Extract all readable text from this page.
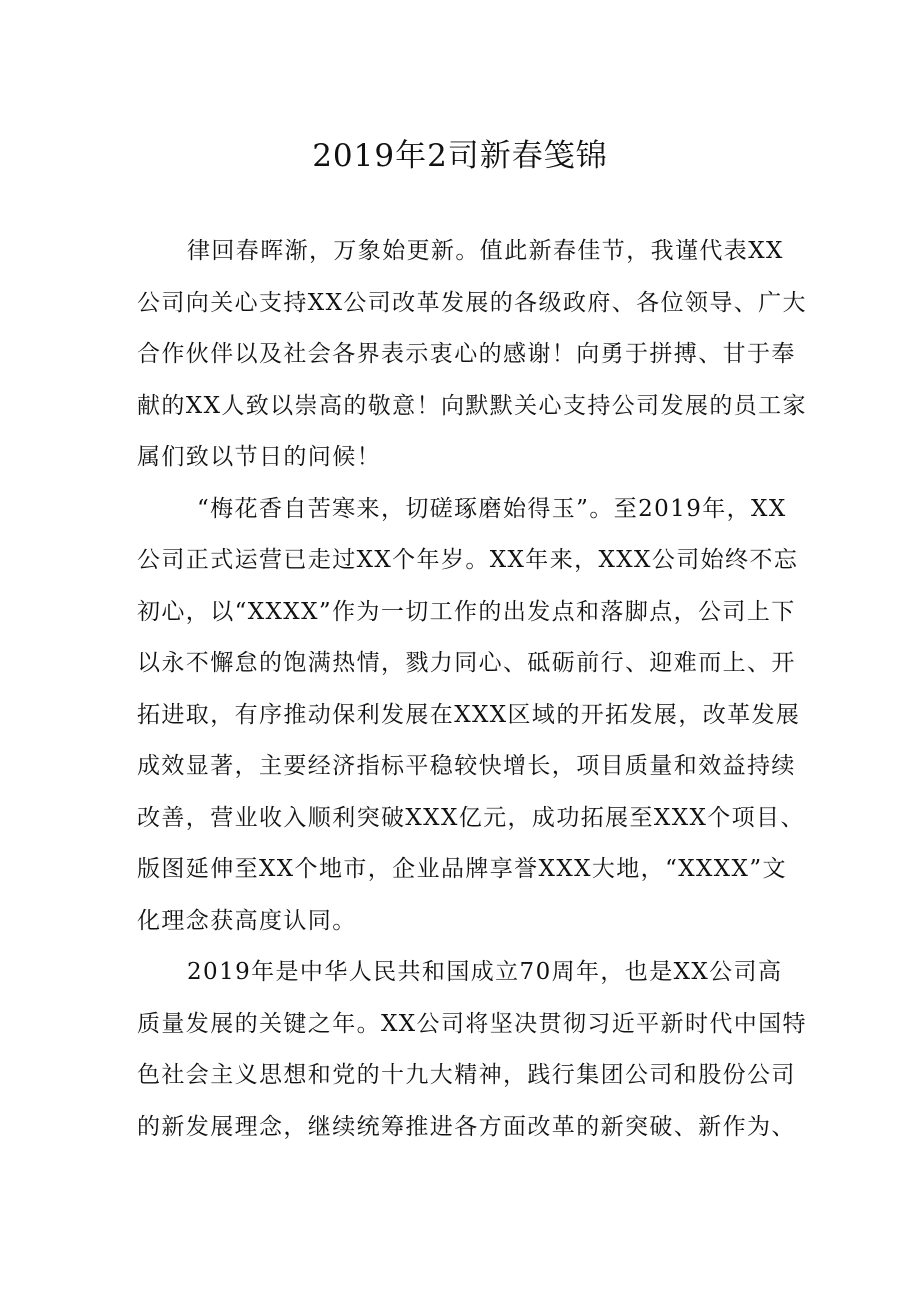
2019年2司新春笺锦
律回春晖渐，万象始更新。值此新春佳节，我谨代表XX
公司向关心支持XX公司改革发展的各级政府、各位领导、广大
合作伙伴以及社会各界表示衷心的感谢！向勇于拼搏、甘于奉
献的XX人致以崇高的敬意！向默默关心支持公司发展的员工家
属们致以节日的问候！
“梅花香自苦寒来，切磋琢磨始得玉”。至2019年，XX
公司正式运营已走过XX个年岁。XX年来，XXX公司始终不忘
初心，以“XXXX”作为一切工作的出发点和落脚点，公司上下
以永不懈怠的饱满热情，戮力同心、砥砺前行、迎难而上、开
拓进取，有序推动保利发展在XXX区域的开拓发展，改革发展
成效显著，主要经济指标平稳较快增长，项目质量和效益持续
改善，营业收入顺利突破XXX亿元，成功拓展至XXX个项目、
版图延伸至XX个地市，企业品牌享誉XXX大地，“XXXX”文
化理念获高度认同。
2019年是中华人民共和国成立70周年，也是XX公司高
质量发展的关键之年。XX公司将坚决贯彻习近平新时代中国特
色社会主义思想和党的十九大精神，践行集团公司和股份公司
的新发展理念，继续统筹推进各方面改革的新突破、新作为、
